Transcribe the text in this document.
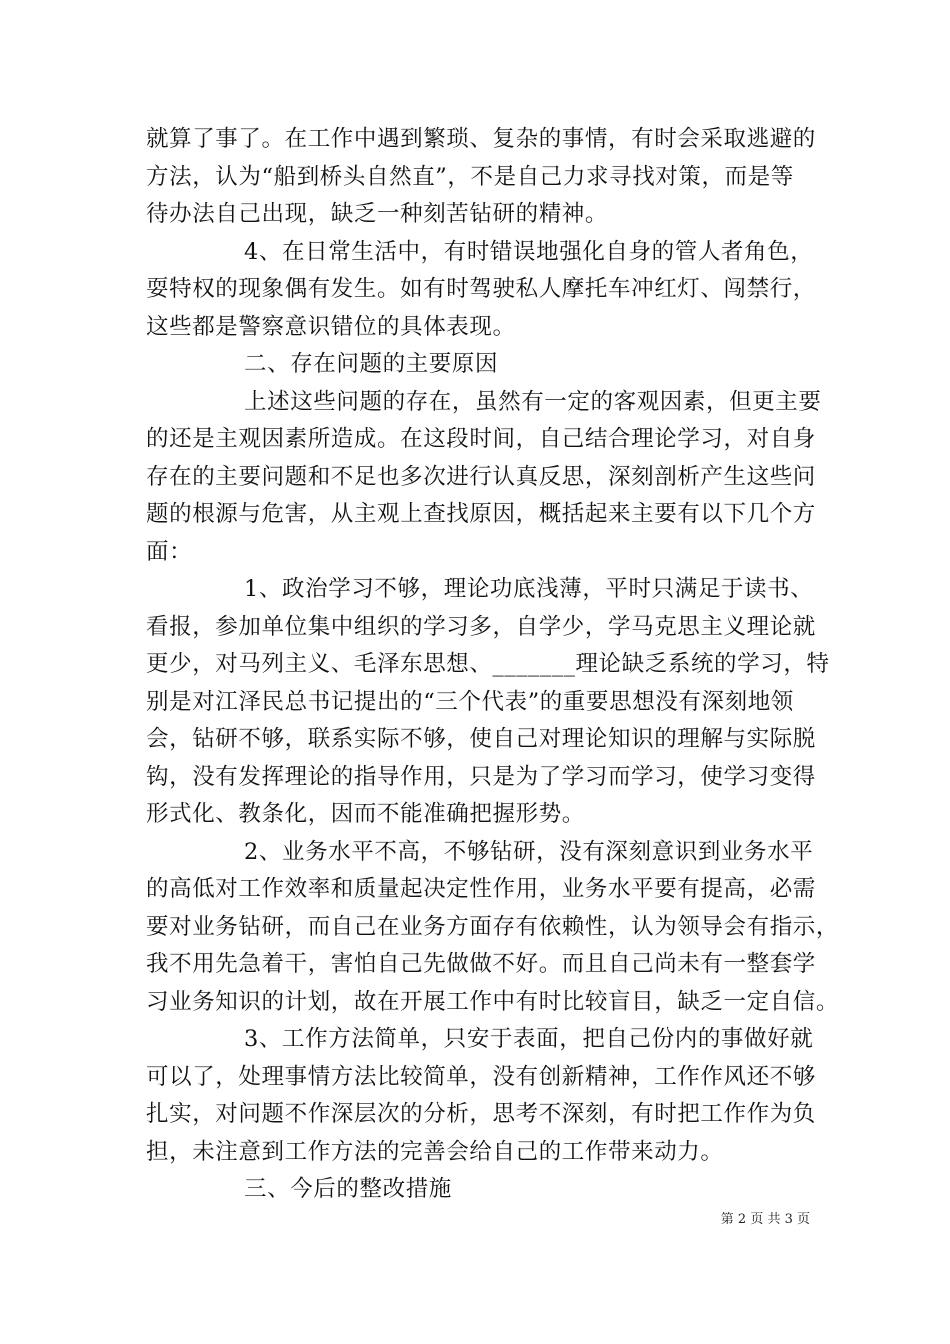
就算了事了。在工作中遇到繁琐、复杂的事情，有时会采取逃避的
方法，认为“船到桥头自然直”，不是自己力求寻找对策，而是等
待办法自己出现，缺乏一种刻苦钻研的精神。
4、在日常生活中，有时错误地强化自身的管人者角色，
耍特权的现象偶有发生。如有时驾驶私人摩托车冲红灯、闯禁行，
这些都是警察意识错位的具体表现。
二、存在问题的主要原因
上述这些问题的存在，虽然有一定的客观因素，但更主要
的还是主观因素所造成。在这段时间，自己结合理论学习，对自身
存在的主要问题和不足也多次进行认真反思，深刻剖析产生这些问
题的根源与危害，从主观上查找原因，概括起来主要有以下几个方
面：
1、政治学习不够，理论功底浅薄，平时只满足于读书、
看报，参加单位集中组织的学习多，自学少，学马克思主义理论就
更少，对马列主义、毛泽东思想、_______理论缺乏系统的学习，特
别是对江泽民总书记提出的“三个代表”的重要思想没有深刻地领
会，钻研不够，联系实际不够，使自己对理论知识的理解与实际脱
钩，没有发挥理论的指导作用，只是为了学习而学习，使学习变得
形式化、教条化，因而不能准确把握形势。
2、业务水平不高，不够钻研，没有深刻意识到业务水平
的高低对工作效率和质量起决定性作用，业务水平要有提高，必需
要对业务钻研，而自己在业务方面存有依赖性，认为领导会有指示，
我不用先急着干，害怕自己先做做不好。而且自己尚未有一整套学
习业务知识的计划，故在开展工作中有时比较盲目，缺乏一定自信。
3、工作方法简单，只安于表面，把自己份内的事做好就
可以了，处理事情方法比较简单，没有创新精神，工作作风还不够
扎实，对问题不作深层次的分析，思考不深刻，有时把工作作为负
担，未注意到工作方法的完善会给自己的工作带来动力。
三、今后的整改措施
第 2 页 共 3 页
